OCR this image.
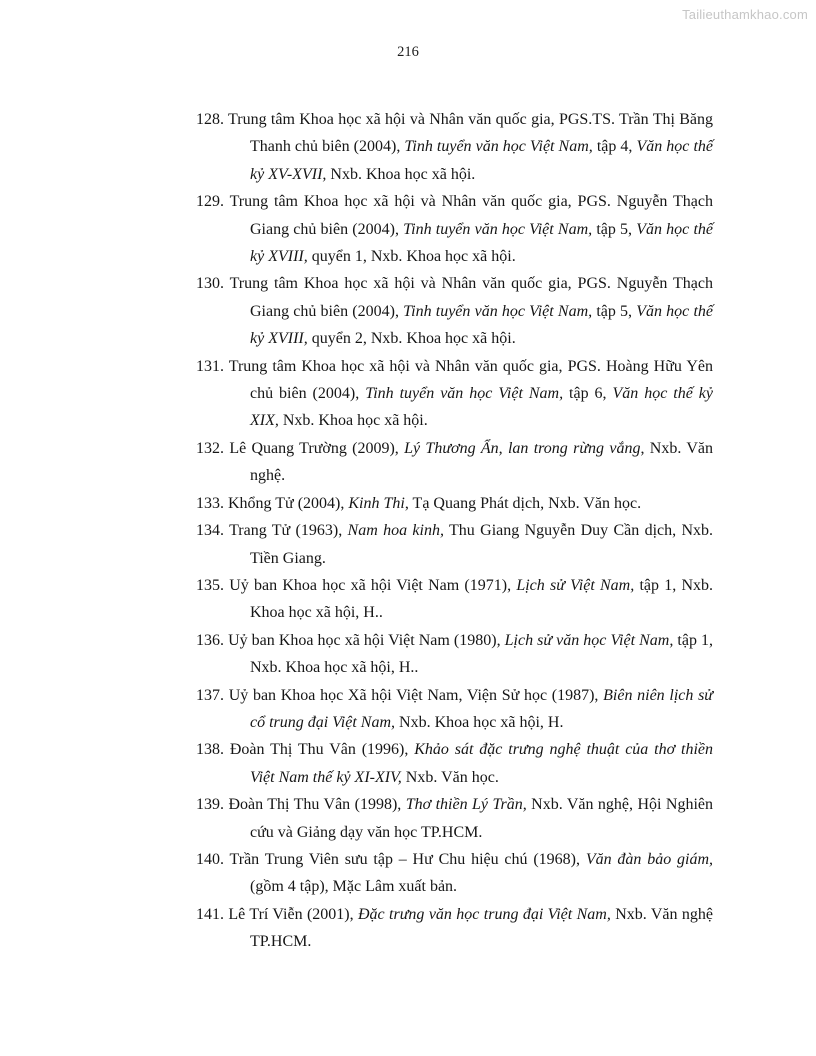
Tailieuthamkhao.com
216
128. Trung tâm Khoa học xã hội và Nhân văn quốc gia, PGS.TS. Trần Thị Băng Thanh chủ biên (2004), Tinh tuyển văn học Việt Nam, tập 4, Văn học thế kỷ XV-XVII, Nxb. Khoa học xã hội.
129. Trung tâm Khoa học xã hội và Nhân văn quốc gia, PGS. Nguyễn Thạch Giang chủ biên (2004), Tinh tuyển văn học Việt Nam, tập 5, Văn học thế kỷ XVIII, quyển 1, Nxb. Khoa học xã hội.
130. Trung tâm Khoa học xã hội và Nhân văn quốc gia, PGS. Nguyễn Thạch Giang chủ biên (2004), Tinh tuyển văn học Việt Nam, tập 5, Văn học thế kỷ XVIII, quyển 2, Nxb. Khoa học xã hội.
131. Trung tâm Khoa học xã hội và Nhân văn quốc gia, PGS. Hoàng Hữu Yên chủ biên (2004), Tinh tuyển văn học Việt Nam, tập 6, Văn học thế kỷ XIX, Nxb. Khoa học xã hội.
132. Lê Quang Trường (2009), Lý Thương Ẩn, lan trong rừng vắng, Nxb. Văn nghệ.
133. Khổng Tử (2004), Kinh Thi, Tạ Quang Phát dịch, Nxb. Văn học.
134. Trang Tử (1963), Nam hoa kinh, Thu Giang Nguyễn Duy Cần dịch, Nxb. Tiền Giang.
135. Uỷ ban Khoa học xã hội Việt Nam (1971), Lịch sử Việt Nam, tập 1, Nxb. Khoa học xã hội, H..
136. Uỷ ban Khoa học xã hội Việt Nam (1980), Lịch sử văn học Việt Nam, tập 1, Nxb. Khoa học xã hội, H..
137. Uỷ ban Khoa học Xã hội Việt Nam, Viện Sử học (1987), Biên niên lịch sử cổ trung đại Việt Nam, Nxb. Khoa học xã hội, H.
138. Đoàn Thị Thu Vân (1996), Khảo sát đặc trưng nghệ thuật của thơ thiền Việt Nam thế kỷ XI-XIV, Nxb. Văn học.
139. Đoàn Thị Thu Vân (1998), Thơ thiền Lý Trần, Nxb. Văn nghệ, Hội Nghiên cứu và Giảng dạy văn học TP.HCM.
140. Trần Trung Viên sưu tập – Hư Chu hiệu chú (1968), Văn đàn bảo giám, (gồm 4 tập), Mặc Lâm xuất bản.
141. Lê Trí Viễn (2001), Đặc trưng văn học trung đại Việt Nam, Nxb. Văn nghệ TP.HCM.
